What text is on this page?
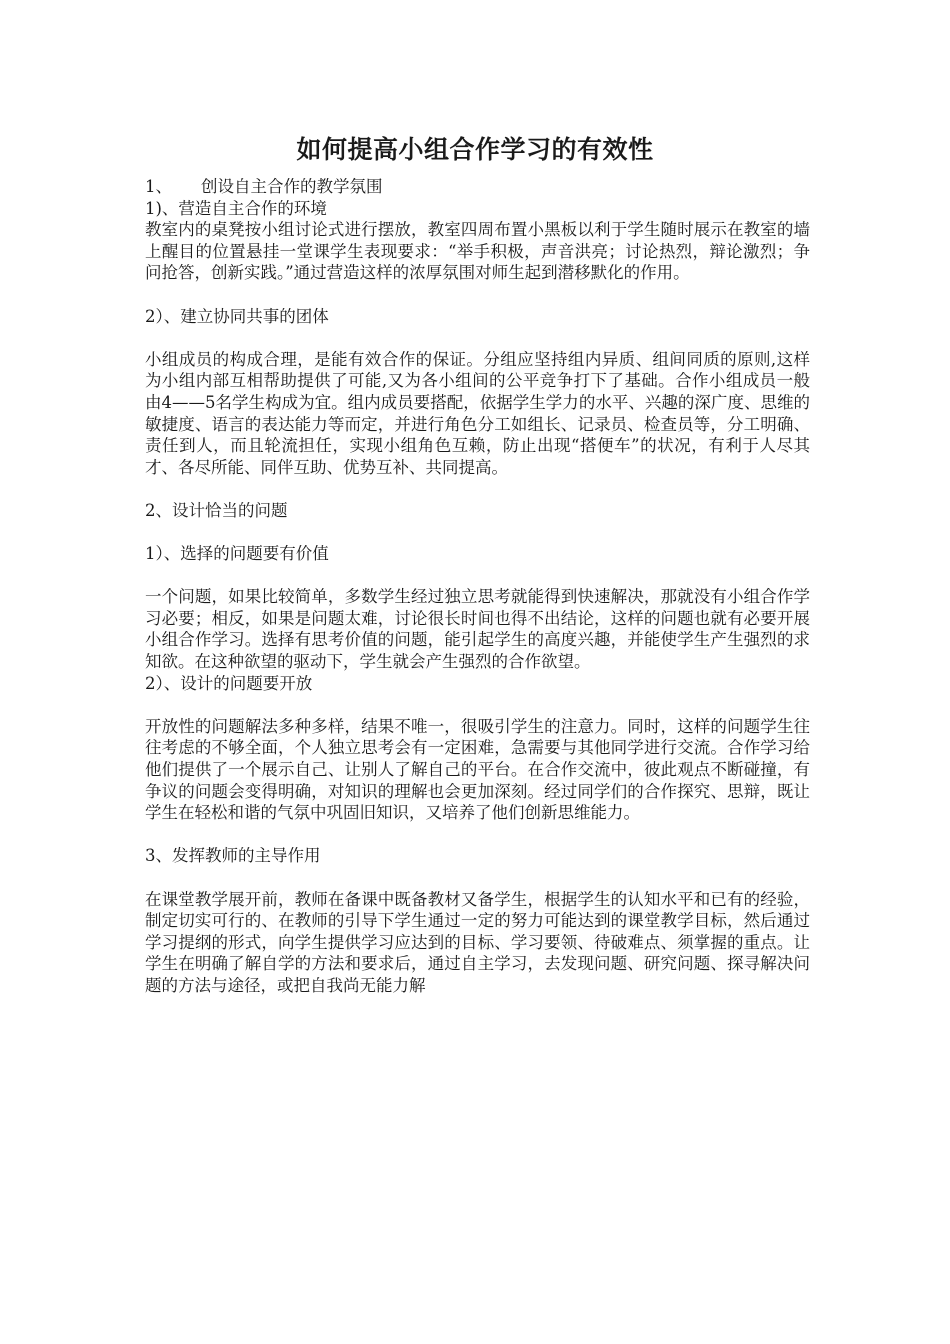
如何提高小组合作学习的有效性

1、 创设自主合作的教学氛围

1)、营造自主合作的环境

教室内的桌凳按小组讨论式进行摆放，教室四周布置小黑板以利于学生随时展示在教室的墙上醒目的位置悬挂一堂课学生表现要求：“举手积极，声音洪亮；讨论热烈，辩论激烈；争问抢答，创新实践。”通过营造这样的浓厚氛围对师生起到潜移默化的作用。

2）、建立协同共事的团体

小组成员的构成合理，是能有效合作的保证。分组应坚持组内异质、组间同质的原则,这样为小组内部互相帮助提供了可能,又为各小组间的公平竞争打下了基础。合作小组成员一般由4——5名学生构成为宜。组内成员要搭配，依据学生学力的水平、兴趣的深广度、思维的敏捷度、语言的表达能力等而定，并进行角色分工如组长、记录员、检查员等，分工明确、责任到人，而且轮流担任，实现小组角色互赖，防止出现“搭便车”的状况，有利于人尽其才、各尽所能、同伴互助、优势互补、共同提高。

2、设计恰当的问题

1）、选择的问题要有价值

一个问题，如果比较简单，多数学生经过独立思考就能得到快速解决，那就没有小组合作学习必要；相反，如果是问题太难，讨论很长时间也得不出结论，这样的问题也就有必要开展小组合作学习。选择有思考价值的问题，能引起学生的高度兴趣，并能使学生产生强烈的求知欲。在这种欲望的驱动下，学生就会产生强烈的合作欲望。

2）、设计的问题要开放

开放性的问题解法多种多样，结果不唯一，很吸引学生的注意力。同时，这样的问题学生往往考虑的不够全面，个人独立思考会有一定困难，急需要与其他同学进行交流。合作学习给他们提供了一个展示自己、让别人了解自己的平台。在合作交流中，彼此观点不断碰撞，有争议的问题会变得明确，对知识的理解也会更加深刻。经过同学们的合作探究、思辩，既让学生在轻松和谐的气氛中巩固旧知识，又培养了他们创新思维能力。

3、发挥教师的主导作用

在课堂教学展开前，教师在备课中既备教材又备学生，根据学生的认知水平和已有的经验，制定切实可行的、在教师的引导下学生通过一定的努力可能达到的课堂教学目标，然后通过学习提纲的形式，向学生提供学习应达到的目标、学习要领、待破难点、须掌握的重点。让学生在明确了解自学的方法和要求后，通过自主学习，去发现问题、研究问题、探寻解决问题的方法与途径，或把自我尚无能力解
